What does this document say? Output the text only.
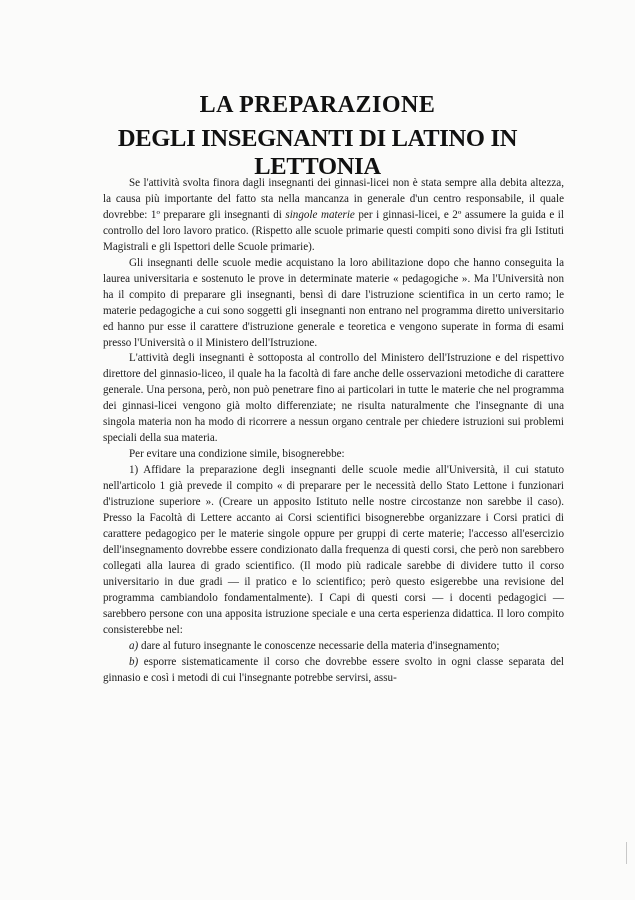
LA PREPARAZIONE
DEGLI INSEGNANTI DI LATINO IN LETTONIA

Se l'attività svolta finora dagli insegnanti dei ginnasi-licei non è stata sempre alla debita altezza, la causa più importante del fatto sta nella mancanza in generale d'un centro responsabile, il quale dovrebbe: 1º preparare gli insegnanti di singole materie per i ginnasi-licei, e 2º assumere la guida e il controllo del loro lavoro pratico. (Rispetto alle scuole primarie questi compiti sono divisi fra gli Istituti Magistrali e gli Ispettori delle Scuole primarie).

Gli insegnanti delle scuole medie acquistano la loro abilitazione dopo che hanno conseguita la laurea universitaria e sostenuto le prove in determinate materie « pedagogiche ». Ma l'Università non ha il compito di preparare gli insegnanti, bensì di dare l'istruzione scientifica in un certo ramo; le materie pedagogiche a cui sono soggetti gli insegnanti non entrano nel programma diretto universitario ed hanno pur esse il carattere d'istruzione generale e teoretica e vengono superate in forma di esami presso l'Università o il Ministero dell'Istruzione.

L'attività degli insegnanti è sottoposta al controllo del Ministero dell'Istruzione e del rispettivo direttore del ginnasio-liceo, il quale ha la facoltà di fare anche delle osservazioni metodiche di carattere generale. Una persona, però, non può penetrare fino ai particolari in tutte le materie che nel programma dei ginnasi-licei vengono già molto differenziate; ne risulta naturalmente che l'insegnante di una singola materia non ha modo di ricorrere a nessun organo centrale per chiedere istruzioni sui problemi speciali della sua materia.

Per evitare una condizione simile, bisognerebbe:

1) Affidare la preparazione degli insegnanti delle scuole medie all'Università, il cui statuto nell'articolo 1 già prevede il compito « di preparare per le necessità dello Stato Lettone i funzionari d'istruzione superiore ». (Creare un apposito Istituto nelle nostre circostanze non sarebbe il caso). Presso la Facoltà di Lettere accanto ai Corsi scientifici bisognerebbe organizzare i Corsi pratici di carattere pedagogico per le materie singole oppure per gruppi di certe materie; l'accesso all'esercizio dell'insegnamento dovrebbe essere condizionato dalla frequenza di questi corsi, che però non sarebbero collegati alla laurea di grado scientifico. (Il modo più radicale sarebbe di dividere tutto il corso universitario in due gradi — il pratico e lo scientifico; però questo esigerebbe una revisione del programma cambiandolo fondamentalmente). I Capi di questi corsi — i docenti pedagogici — sarebbero persone con una apposita istruzione speciale e una certa esperienza didattica. Il loro compito consisterebbe nel:

a) dare al futuro insegnante le conoscenze necessarie della materia d'insegnamento;

b) esporre sistematicamente il corso che dovrebbe essere svolto in ogni classe separata del ginnasio e così i metodi di cui l'insegnante potrebbe servirsi, assu-
